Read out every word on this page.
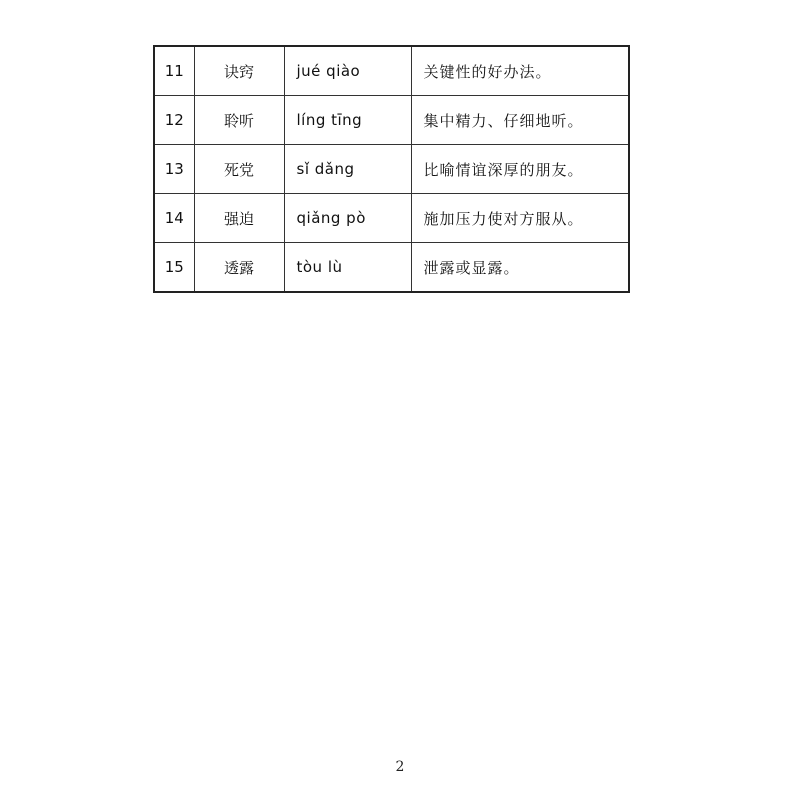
11	诀窍	jué qiào	关键性的好办法。
12	聆听	líng tīng	集中精力、仔细地听。
13	死党	sǐ dǎng	比喻情谊深厚的朋友。
14	强迫	qiǎng pò	施加压力使对方服从。
15	透露	tòu lù	泄露或显露。
2
